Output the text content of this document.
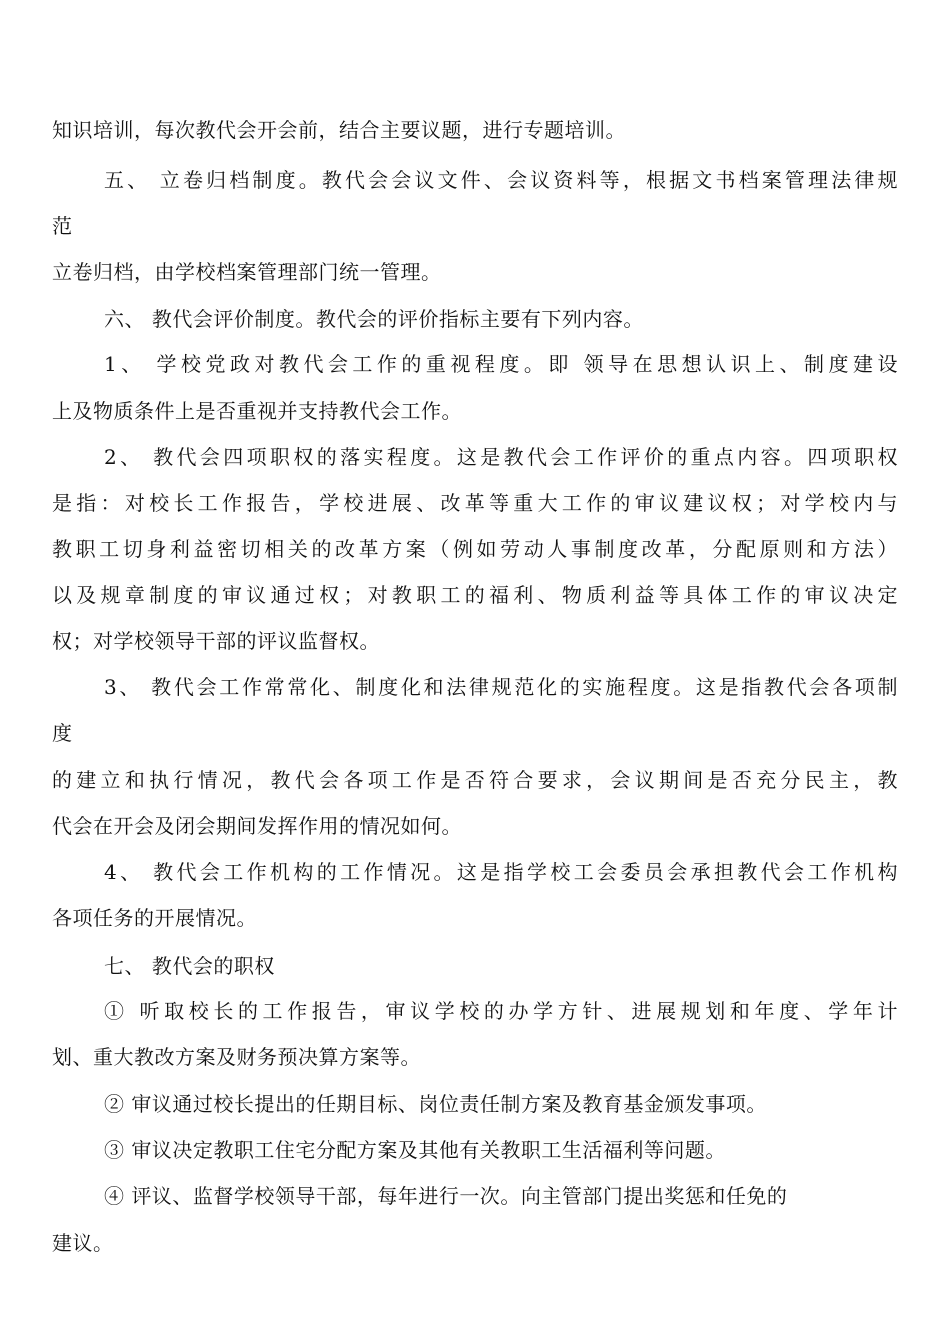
知识培训，每次教代会开会前，结合主要议题，进行专题培训。
五、 立卷归档制度。教代会会议文件、会议资料等，根据文书档案管理法律规
范
立卷归档，由学校档案管理部门统一管理。
六、 教代会评价制度。教代会的评价指标主要有下列内容。
1、 学校党政对教代会工作的重视程度。即 领导在思想认识上、制度建设
上及物质条件上是否重视并支持教代会工作。
2、 教代会四项职权的落实程度。这是教代会工作评价的重点内容。四项职权
是指：对校长工作报告，学校进展、改革等重大工作的审议建议权；对学校内与
教职工切身利益密切相关的改革方案（例如劳动人事制度改革，分配原则和方法）
以及规章制度的审议通过权；对教职工的福利、物质利益等具体工作的审议决定
权；对学校领导干部的评议监督权。
3、 教代会工作常常化、制度化和法律规范化的实施程度。这是指教代会各项制
度
的建立和执行情况，教代会各项工作是否符合要求，会议期间是否充分民主，教
代会在开会及闭会期间发挥作用的情况如何。
4、 教代会工作机构的工作情况。这是指学校工会委员会承担教代会工作机构
各项任务的开展情况。
七、 教代会的职权
① 听取校长的工作报告，审议学校的办学方针、进展规划和年度、学年计
划、重大教改方案及财务预决算方案等。
② 审议通过校长提出的任期目标、岗位责任制方案及教育基金颁发事项。
③ 审议决定教职工住宅分配方案及其他有关教职工生活福利等问题。
④ 评议、监督学校领导干部，每年进行一次。向主管部门提出奖惩和任免的
建议。
